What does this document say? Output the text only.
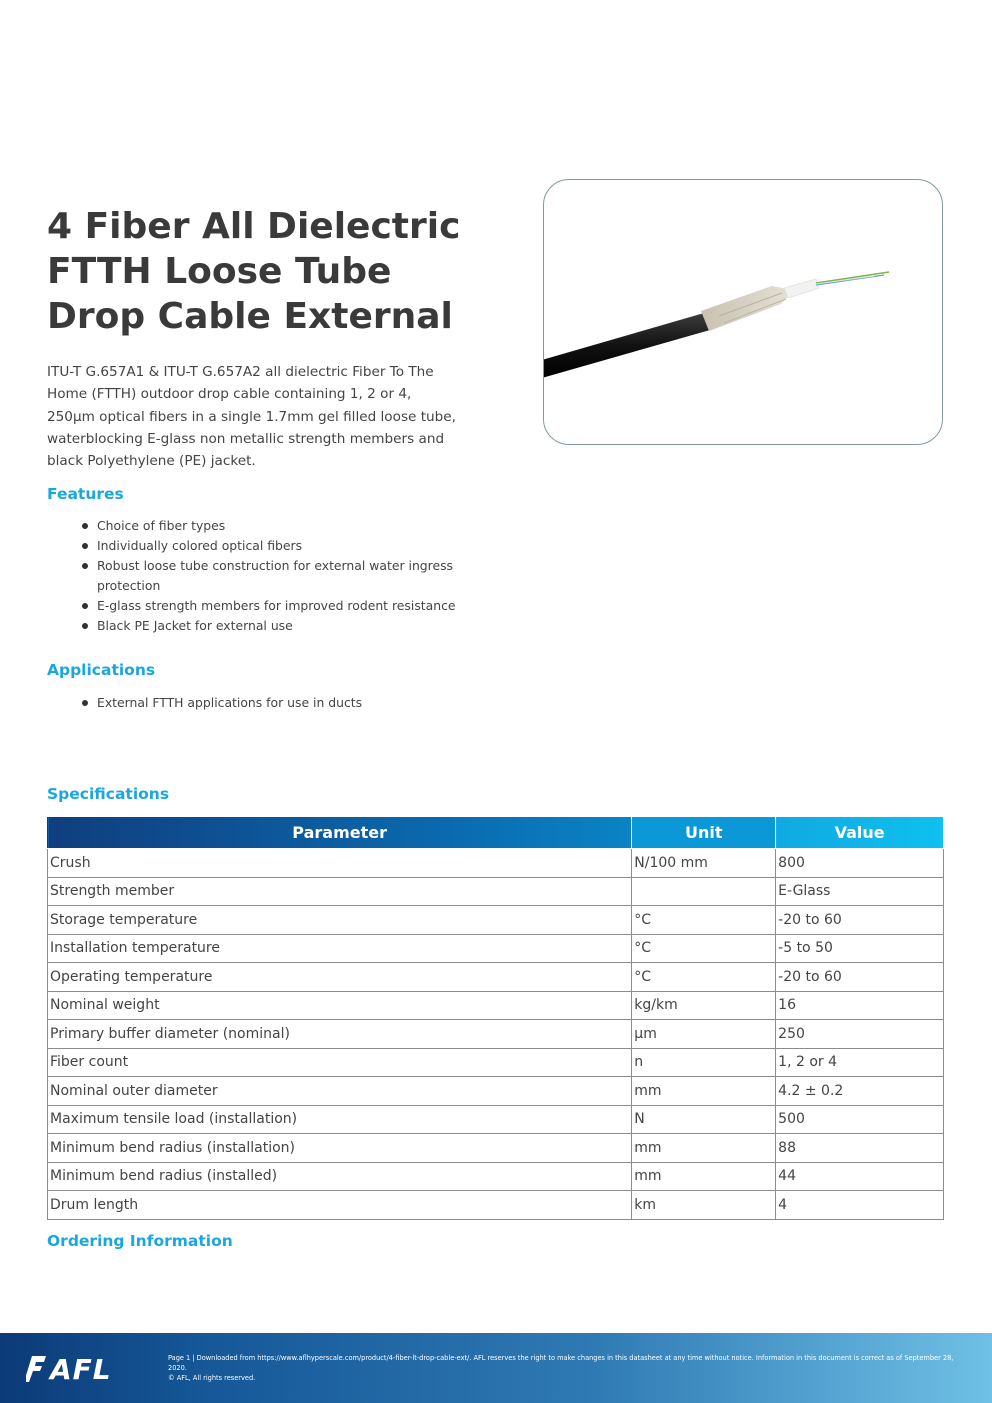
4 Fiber All Dielectric
FTTH Loose Tube
Drop Cable External

ITU-T G.657A1 & ITU-T G.657A2 all dielectric Fiber To The Home (FTTH) outdoor drop cable containing 1, 2 or 4, 250µm optical fibers in a single 1.7mm gel filled loose tube, waterblocking E-glass non metallic strength members and black Polyethylene (PE) jacket.

Features
Choice of fiber types
Individually colored optical fibers
Robust loose tube construction for external water ingress protection
E-glass strength members for improved rodent resistance
Black PE Jacket for external use
Applications
External FTTH applications for use in ducts
Specifications
Parameter	Unit	Value
Crush	N/100 mm	800
Strength member		E-Glass
Storage temperature	°C	-20 to 60
Installation temperature	°C	-5 to 50
Operating temperature	°C	-20 to 60
Nominal weight	kg/km	16
Primary buffer diameter (nominal)	µm	250
Fiber count	n	1, 2 or 4
Nominal outer diameter	mm	4.2 ± 0.2
Maximum tensile load (installation)	N	500
Minimum bend radius (installation)	mm	88
Minimum bend radius (installed)	mm	44
Drum length	km	4
Ordering Information
AFL	Page 1 | Downloaded from https://www.aflhyperscale.com/product/4-fiber-lt-drop-cable-ext/. AFL reserves the right to make changes in this datasheet at any time without notice. Information in this document is correct as of September 28,
2020.
© AFL, All rights reserved.
